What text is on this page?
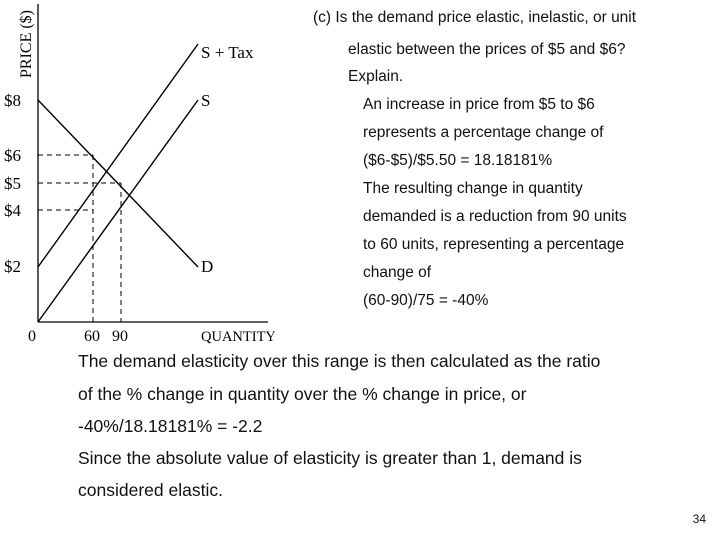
PRICE ($)
$8
$6
$5
$4
$2
0	60 90	QUANTITY
S + Tax
S
D
(c) Is the demand price elastic, inelastic, or unit
elastic between the prices of $5 and $6?
Explain.
An increase in price from $5 to $6
represents a percentage change of
($6-$5)/$5.50 = 18.18181%
The resulting change in quantity
demanded is a reduction from 90 units
to 60 units, representing a percentage
change of
(60-90)/75 = -40%
The demand elasticity over this range is then calculated as the ratio
of the % change in quantity over the % change in price, or
-40%/18.18181% = -2.2
Since the absolute value of elasticity is greater than 1, demand is
considered elastic.
34
